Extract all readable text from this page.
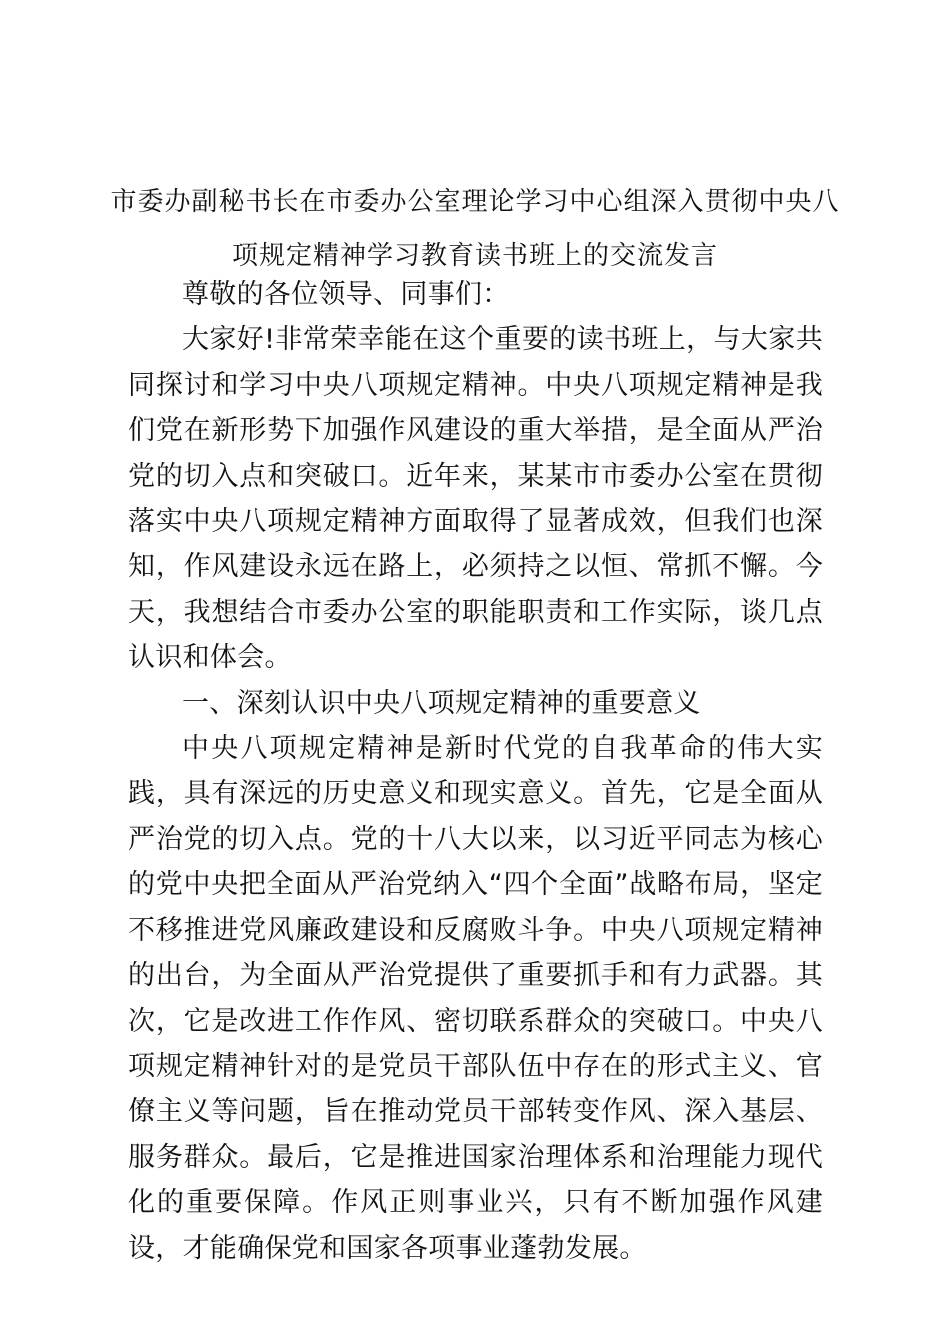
市委办副秘书长在市委办公室理论学习中心组深入贯彻中央八项规定精神学习教育读书班上的交流发言

尊敬的各位领导、同事们：

大家好!非常荣幸能在这个重要的读书班上，与大家共同探讨和学习中央八项规定精神。中央八项规定精神是我们党在新形势下加强作风建设的重大举措，是全面从严治党的切入点和突破口。近年来，某某市市委办公室在贯彻落实中央八项规定精神方面取得了显著成效，但我们也深知，作风建设永远在路上，必须持之以恒、常抓不懈。今天，我想结合市委办公室的职能职责和工作实际，谈几点认识和体会。

一、深刻认识中央八项规定精神的重要意义

中央八项规定精神是新时代党的自我革命的伟大实践，具有深远的历史意义和现实意义。首先，它是全面从严治党的切入点。党的十八大以来，以习近平同志为核心的党中央把全面从严治党纳入“四个全面”战略布局，坚定不移推进党风廉政建设和反腐败斗争。中央八项规定精神的出台，为全面从严治党提供了重要抓手和有力武器。其次，它是改进工作作风、密切联系群众的突破口。中央八项规定精神针对的是党员干部队伍中存在的形式主义、官僚主义等问题，旨在推动党员干部转变作风、深入基层、服务群众。最后，它是推进国家治理体系和治理能力现代化的重要保障。作风正则事业兴，只有不断加强作风建设，才能确保党和国家各项事业蓬勃发展。
